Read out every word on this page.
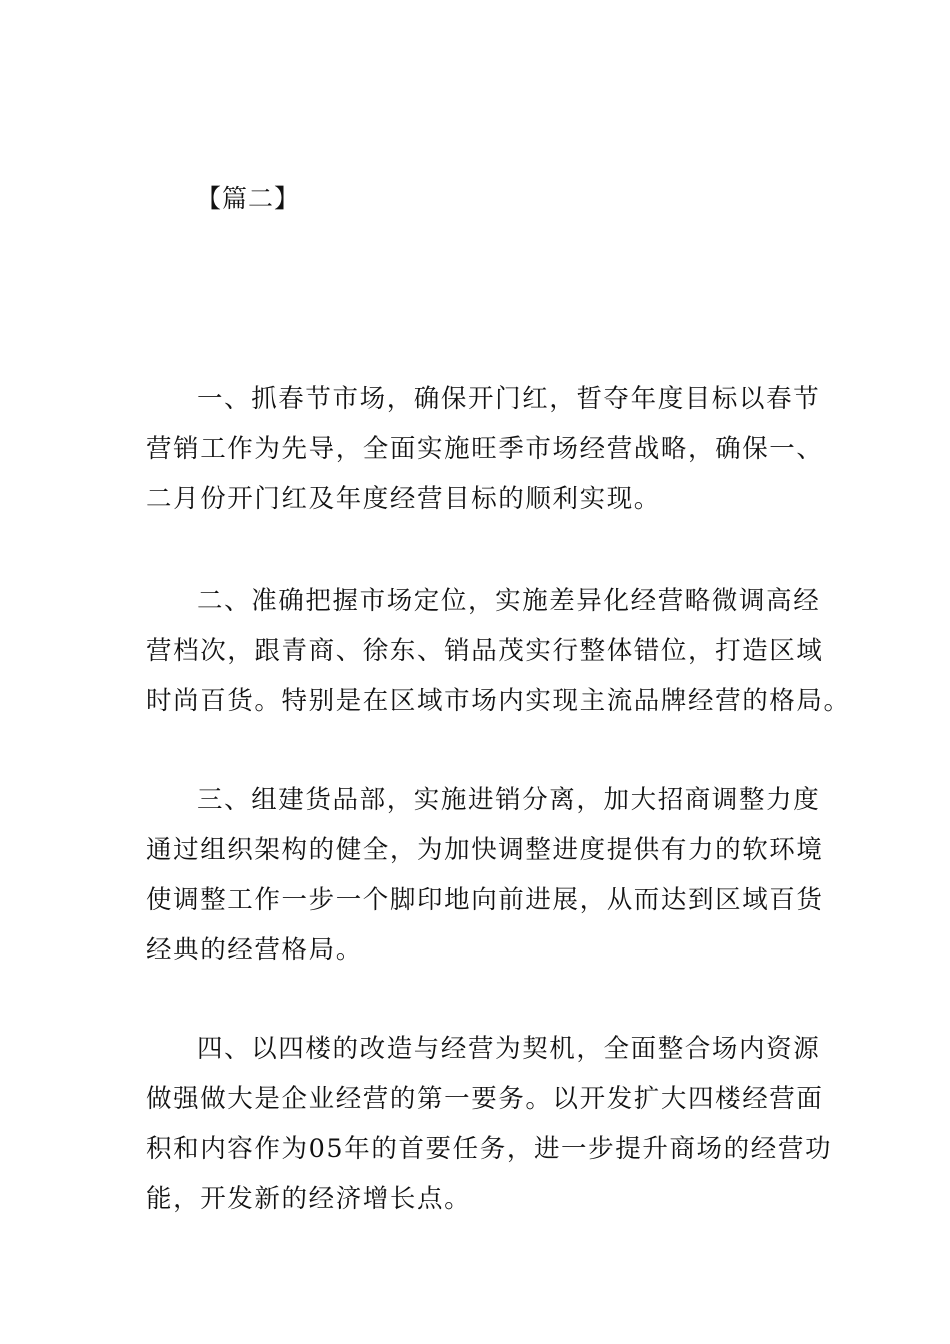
【篇二】
一、抓春节市场，确保开门红，晢夺年度目标以春节
营销工作为先导，全面实施旺季市场经营战略，确保一、
二月份开门红及年度经营目标的顺利实现。
二、准确把握市场定位，实施差异化经营略微调高经
营档次，跟青商、徐东、销品茂实行整体错位，打造区域
时尚百货。特别是在区域市场内实现主流品牌经营的格局。
三、组建货品部，实施进销分离，加大招商调整力度
通过组织架构的健全，为加快调整进度提供有力的软环境
使调整工作一步一个脚印地向前进展，从而达到区域百货
经典的经营格局。
四、以四楼的改造与经营为契机，全面整合场内资源
做强做大是企业经营的第一要务。以开发扩大四楼经营面
积和内容作为05年的首要任务，进一步提升商场的经营功
能，开发新的经济增长点。
